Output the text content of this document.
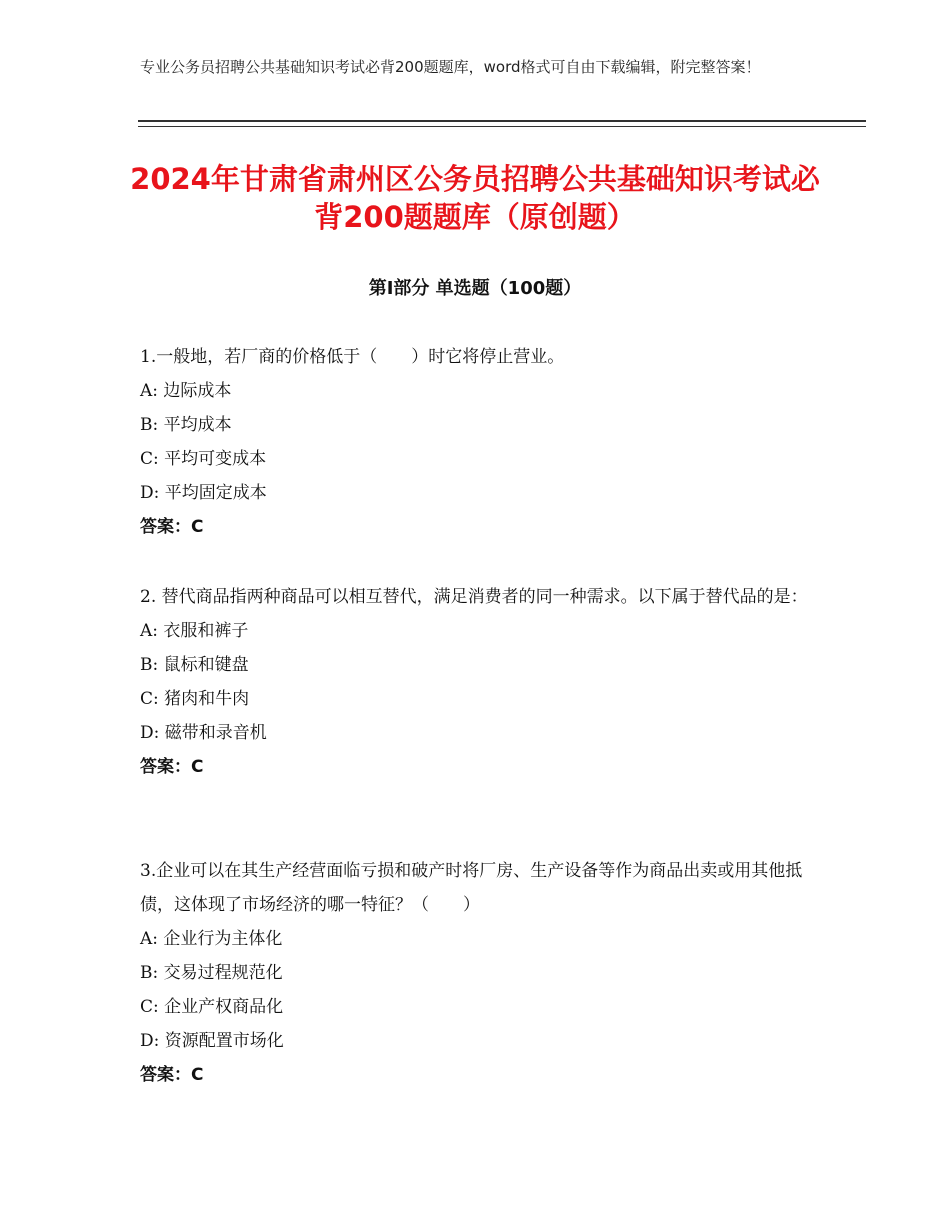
专业公务员招聘公共基础知识考试必背200题题库，word格式可自由下载编辑，附完整答案！
2024年甘肃省肃州区公务员招聘公共基础知识考试必背200题题库（原创题）
第Ⅰ部分 单选题（100题）
1.一般地，若厂商的价格低于（　　）时它将停止营业。
A: 边际成本
B: 平均成本
C: 平均可变成本
D: 平均固定成本
答案：C
2. 替代商品指两种商品可以相互替代，满足消费者的同一种需求。以下属于替代品的是：
A: 衣服和裤子
B: 鼠标和键盘
C: 猪肉和牛肉
D: 磁带和录音机
答案：C
3.企业可以在其生产经营面临亏损和破产时将厂房、生产设备等作为商品出卖或用其他抵债，这体现了市场经济的哪一特征？（　　）
A: 企业行为主体化
B: 交易过程规范化
C: 企业产权商品化
D: 资源配置市场化
答案：C
